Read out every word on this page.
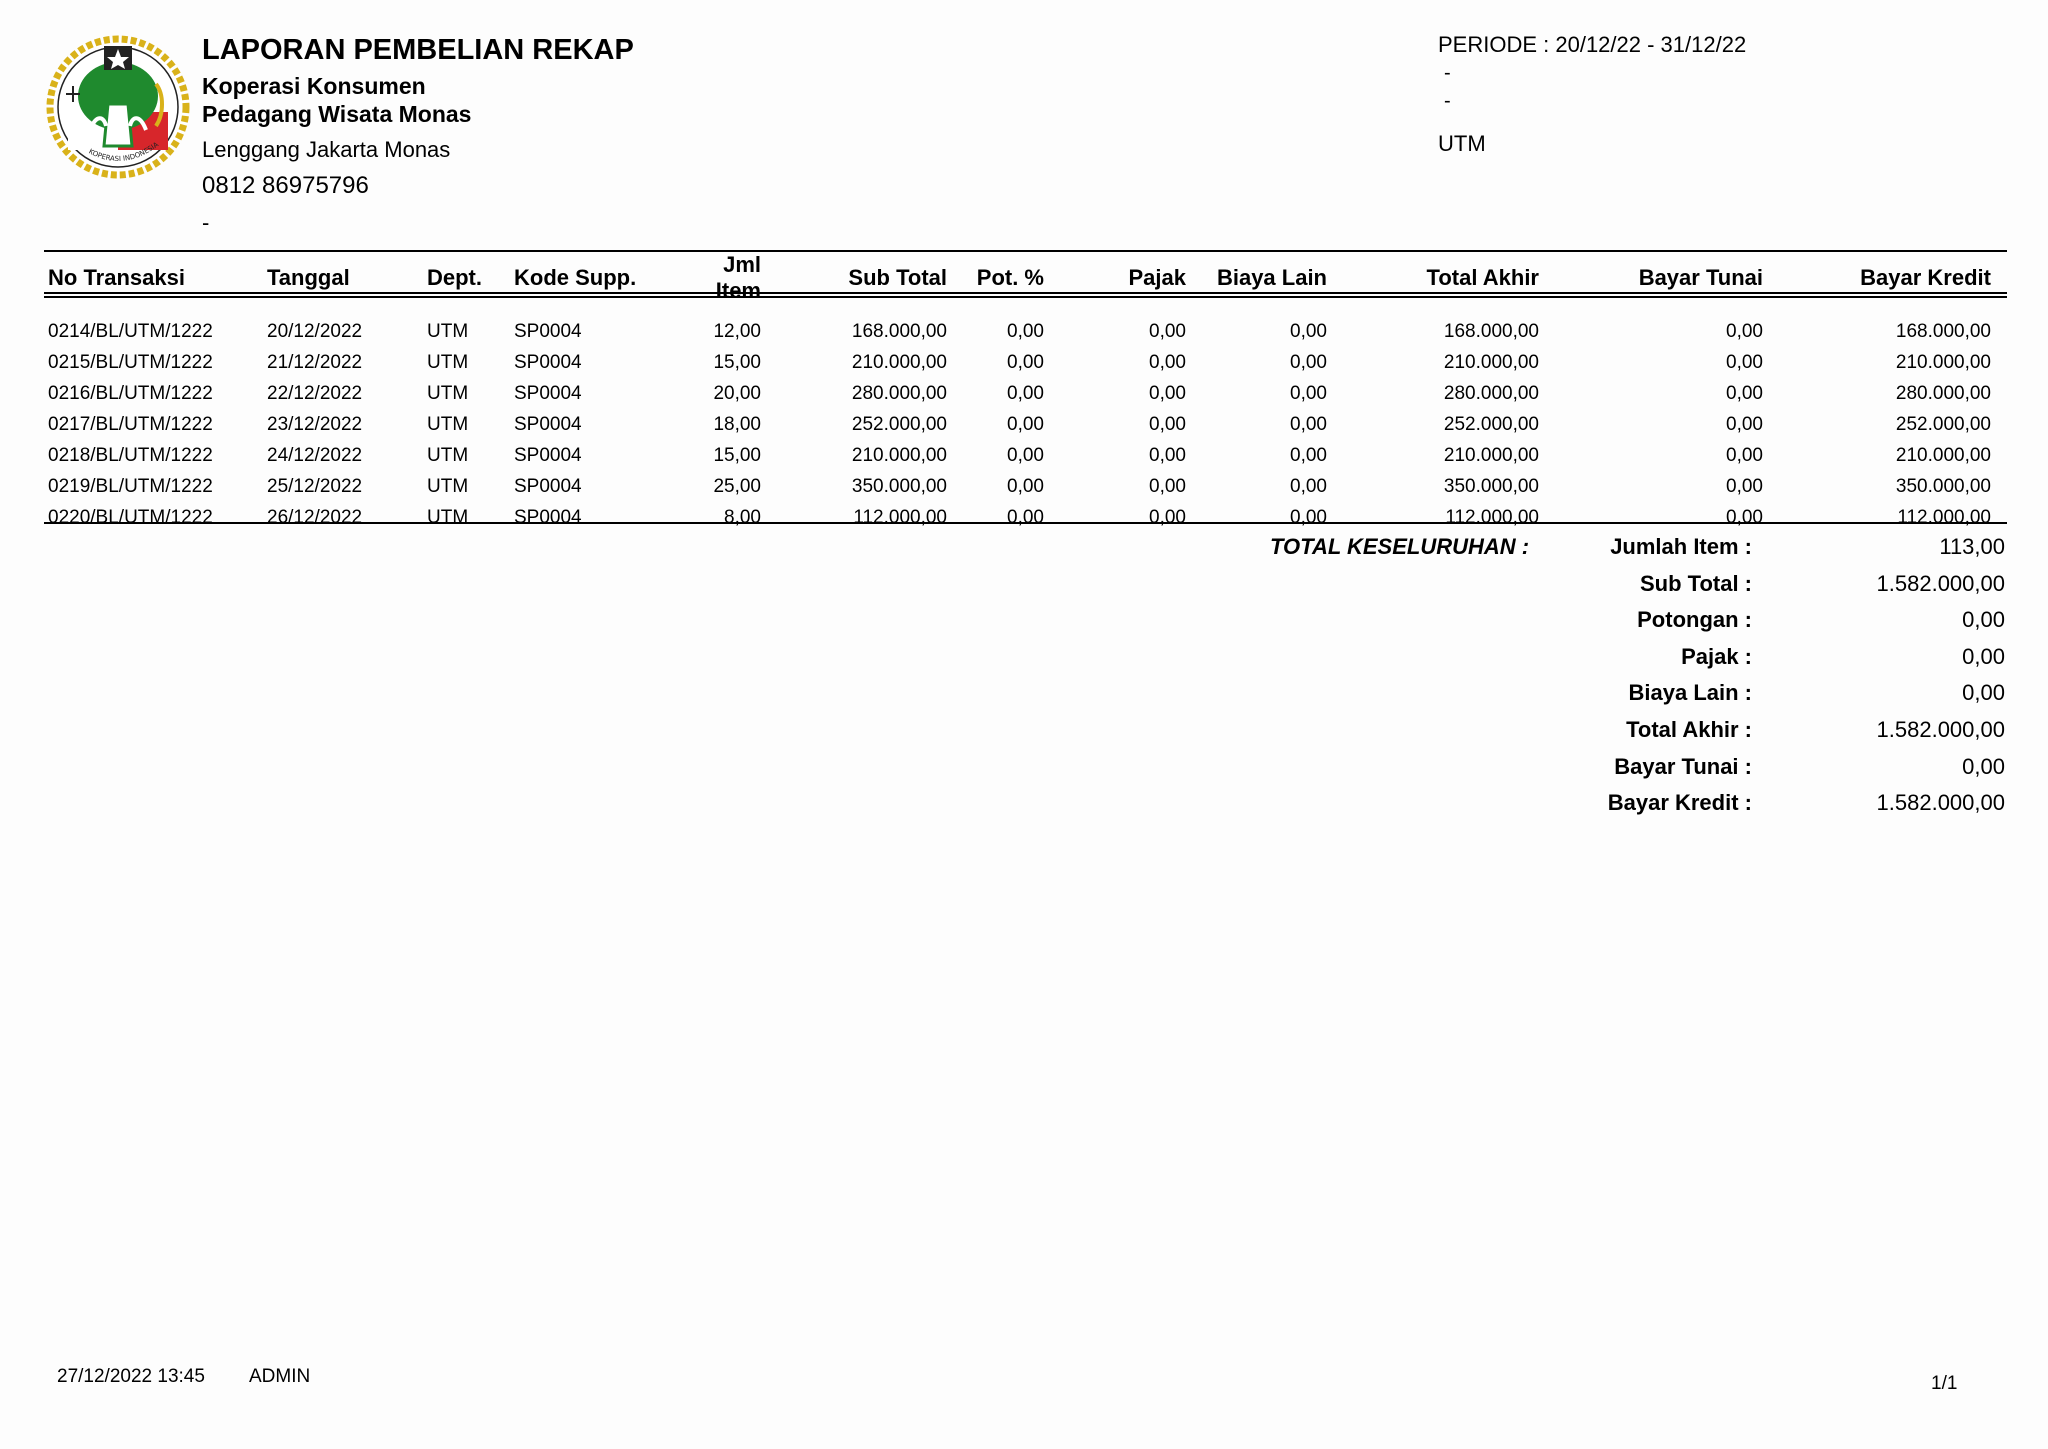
KOPERASI INDONESIA
LAPORAN PEMBELIAN REKAP
Koperasi Konsumen
Pedagang Wisata Monas
Lenggang Jakarta Monas
0812 86975796
-
PERIODE : 20/12/22 - 31/12/22
-
-
UTM
No Transaksi	Tanggal	Dept.	Kode Supp.	Jml Item	Sub Total	Pot. %	Pajak	Biaya Lain	Total Akhir	Bayar Tunai	Bayar Kredit

0214/BL/UTM/1222	20/12/2022	UTM	SP0004	12,00	168.000,00	0,00	0,00	0,00	168.000,00	0,00	168.000,00
0215/BL/UTM/1222	21/12/2022	UTM	SP0004	15,00	210.000,00	0,00	0,00	0,00	210.000,00	0,00	210.000,00
0216/BL/UTM/1222	22/12/2022	UTM	SP0004	20,00	280.000,00	0,00	0,00	0,00	280.000,00	0,00	280.000,00
0217/BL/UTM/1222	23/12/2022	UTM	SP0004	18,00	252.000,00	0,00	0,00	0,00	252.000,00	0,00	252.000,00
0218/BL/UTM/1222	24/12/2022	UTM	SP0004	15,00	210.000,00	0,00	0,00	0,00	210.000,00	0,00	210.000,00
0219/BL/UTM/1222	25/12/2022	UTM	SP0004	25,00	350.000,00	0,00	0,00	0,00	350.000,00	0,00	350.000,00
0220/BL/UTM/1222	26/12/2022	UTM	SP0004	8,00	112.000,00	0,00	0,00	0,00	112.000,00	0,00	112.000,00
TOTAL KESELURUHAN :	Jumlah Item :	113,00
Sub Total :	1.582.000,00
Potongan :	0,00
Pajak :	0,00
Biaya Lain :	0,00
Total Akhir :	1.582.000,00
Bayar Tunai :	0,00
Bayar Kredit :	1.582.000,00
27/12/2022 13:45 ADMIN	1/1
